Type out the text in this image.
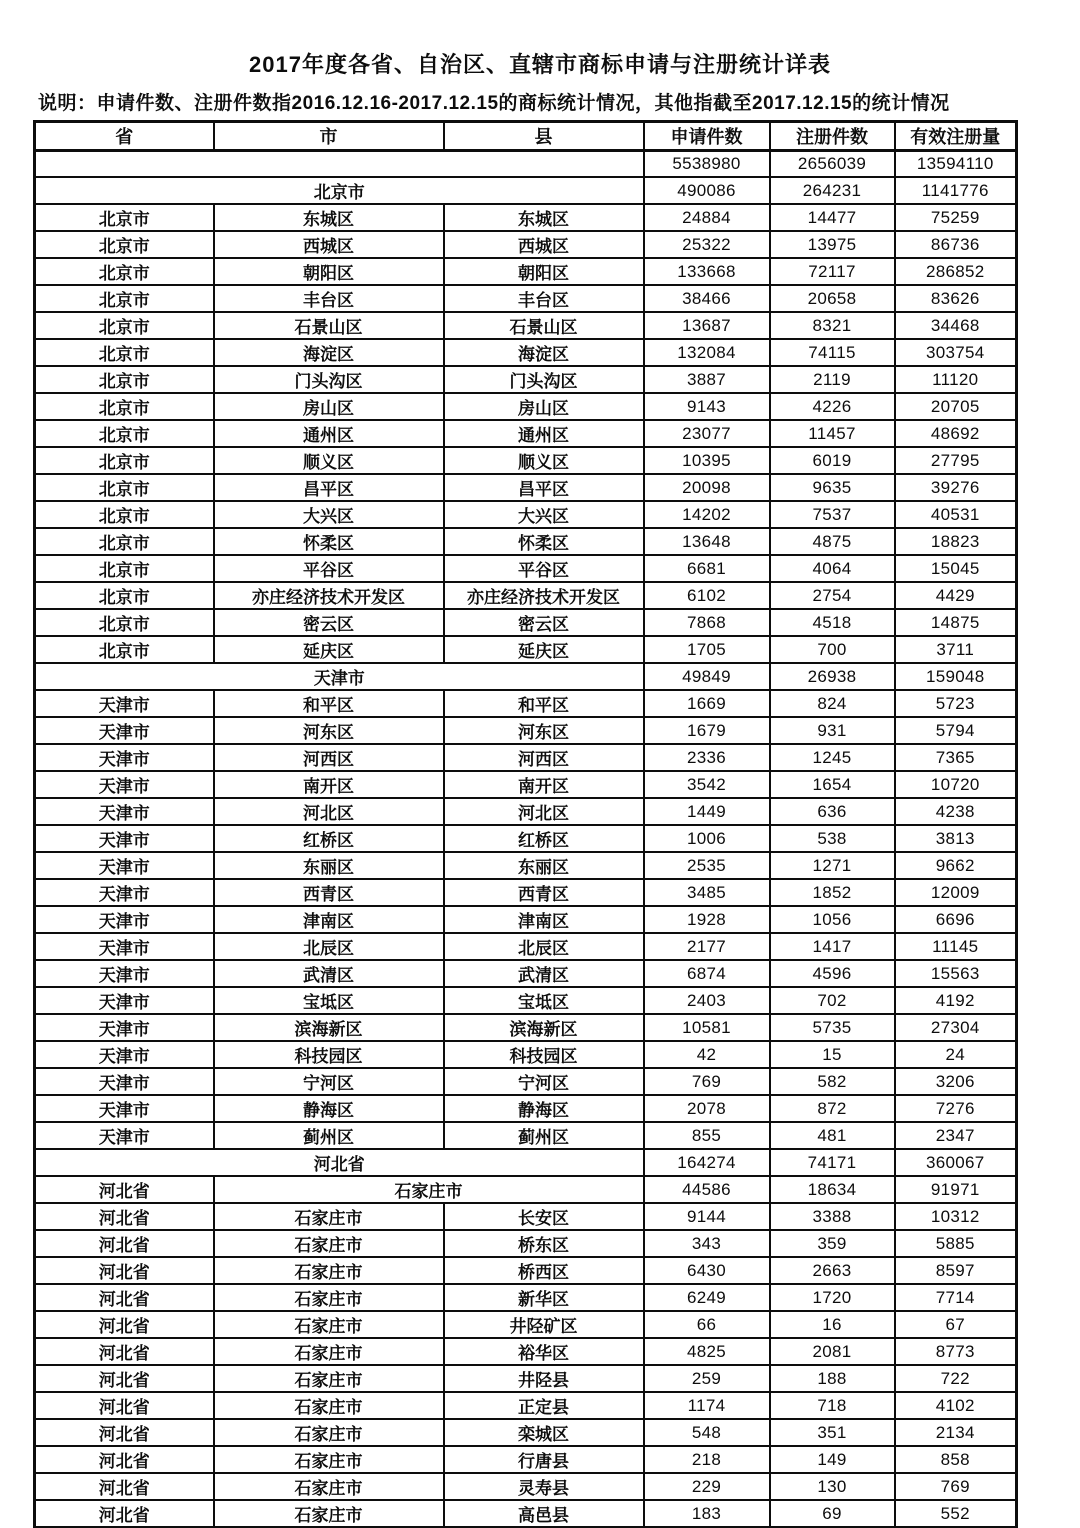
2017年度各省、自治区、直辖市商标申请与注册统计详表

说明：申请件数、注册件数指2016.12.16-2017.12.15的商标统计情况，其他指截至2017.12.15的统计情况

省	市	县	申请件数	注册件数	有效注册量
			5538980	2656039	13594110
北京市			490086	264231	1141776
北京市	东城区	东城区	24884	14477	75259
北京市	西城区	西城区	25322	13975	86736
北京市	朝阳区	朝阳区	133668	72117	286852
北京市	丰台区	丰台区	38466	20658	83626
北京市	石景山区	石景山区	13687	8321	34468
北京市	海淀区	海淀区	132084	74115	303754
北京市	门头沟区	门头沟区	3887	2119	11120
北京市	房山区	房山区	9143	4226	20705
北京市	通州区	通州区	23077	11457	48692
北京市	顺义区	顺义区	10395	6019	27795
北京市	昌平区	昌平区	20098	9635	39276
北京市	大兴区	大兴区	14202	7537	40531
北京市	怀柔区	怀柔区	13648	4875	18823
北京市	平谷区	平谷区	6681	4064	15045
北京市	亦庄经济技术开发区	亦庄经济技术开发区	6102	2754	4429
北京市	密云区	密云区	7868	4518	14875
北京市	延庆区	延庆区	1705	700	3711
天津市			49849	26938	159048
天津市	和平区	和平区	1669	824	5723
天津市	河东区	河东区	1679	931	5794
天津市	河西区	河西区	2336	1245	7365
天津市	南开区	南开区	3542	1654	10720
天津市	河北区	河北区	1449	636	4238
天津市	红桥区	红桥区	1006	538	3813
天津市	东丽区	东丽区	2535	1271	9662
天津市	西青区	西青区	3485	1852	12009
天津市	津南区	津南区	1928	1056	6696
天津市	北辰区	北辰区	2177	1417	11145
天津市	武清区	武清区	6874	4596	15563
天津市	宝坻区	宝坻区	2403	702	4192
天津市	滨海新区	滨海新区	10581	5735	27304
天津市	科技园区	科技园区	42	15	24
天津市	宁河区	宁河区	769	582	3206
天津市	静海区	静海区	2078	872	7276
天津市	蓟州区	蓟州区	855	481	2347
河北省			164274	74171	360067
河北省	石家庄市		44586	18634	91971
河北省	石家庄市	长安区	9144	3388	10312
河北省	石家庄市	桥东区	343	359	5885
河北省	石家庄市	桥西区	6430	2663	8597
河北省	石家庄市	新华区	6249	1720	7714
河北省	石家庄市	井陉矿区	66	16	67
河北省	石家庄市	裕华区	4825	2081	8773
河北省	石家庄市	井陉县	259	188	722
河北省	石家庄市	正定县	1174	718	4102
河北省	石家庄市	栾城区	548	351	2134
河北省	石家庄市	行唐县	218	149	858
河北省	石家庄市	灵寿县	229	130	769
河北省	石家庄市	高邑县	183	69	552
